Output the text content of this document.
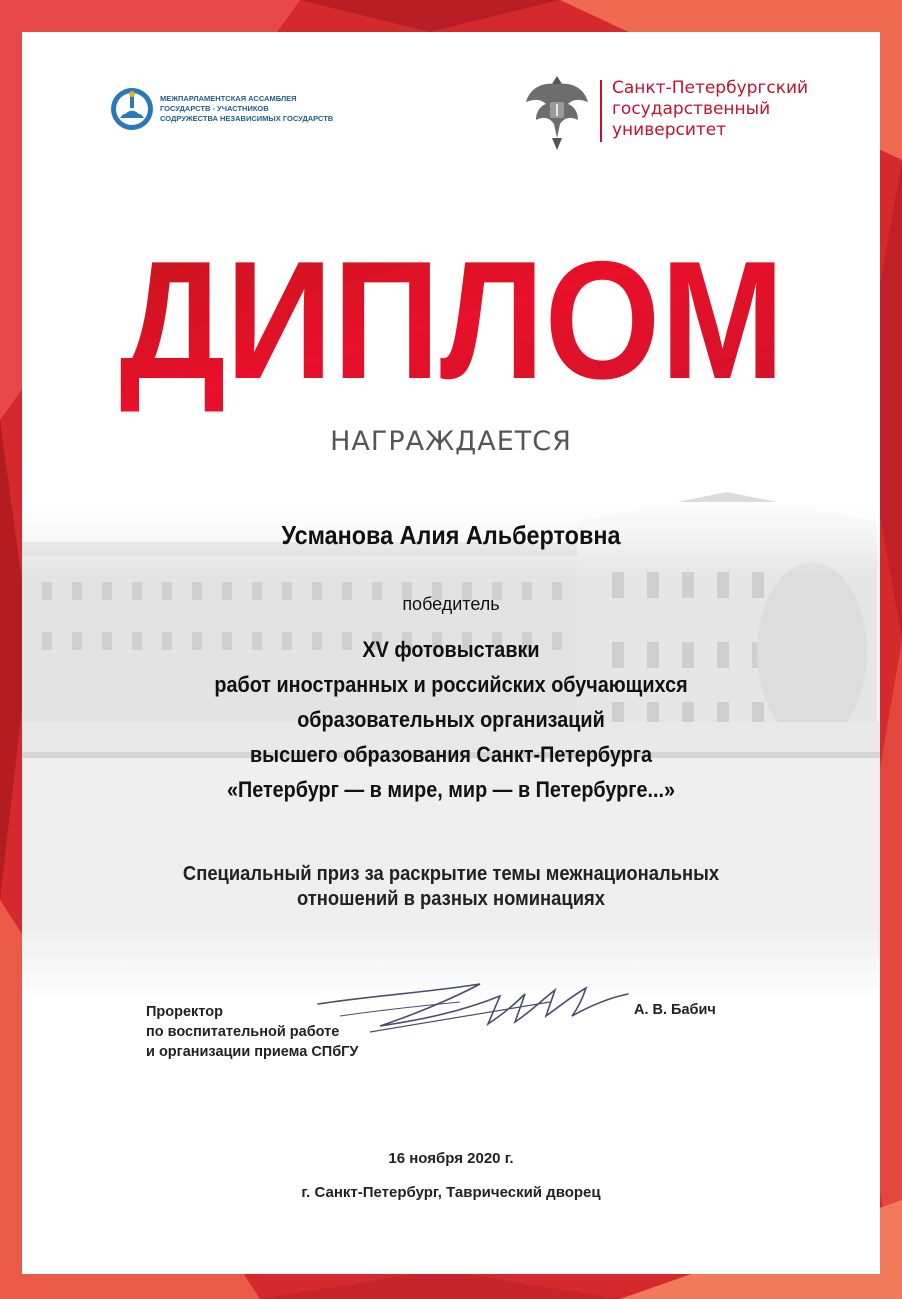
МЕЖПАРЛАМЕНТСКАЯ АССАМБЛЕЯ
ГОСУДАРСТВ - УЧАСТНИКОВ
СОДРУЖЕСТВА НЕЗАВИСИМЫХ ГОСУДАРСТВ
Санкт-Петербургский
государственный
университет
ДИПЛОМ
НАГРАЖДАЕТСЯ
Усманова Алия Альбертовна
победитель
XV фотовыставки
работ иностранных и российских обучающихся
образовательных организаций
высшего образования Санкт-Петербурга
«Петербург — в мире, мир — в Петербурге...»
Специальный приз за раскрытие темы межнациональных
отношений в разных номинациях
Проректор
по воспитательной работе
и организации приема СПбГУ
А. В. Бабич
16 ноября 2020 г.
г. Санкт-Петербург, Таврический дворец
